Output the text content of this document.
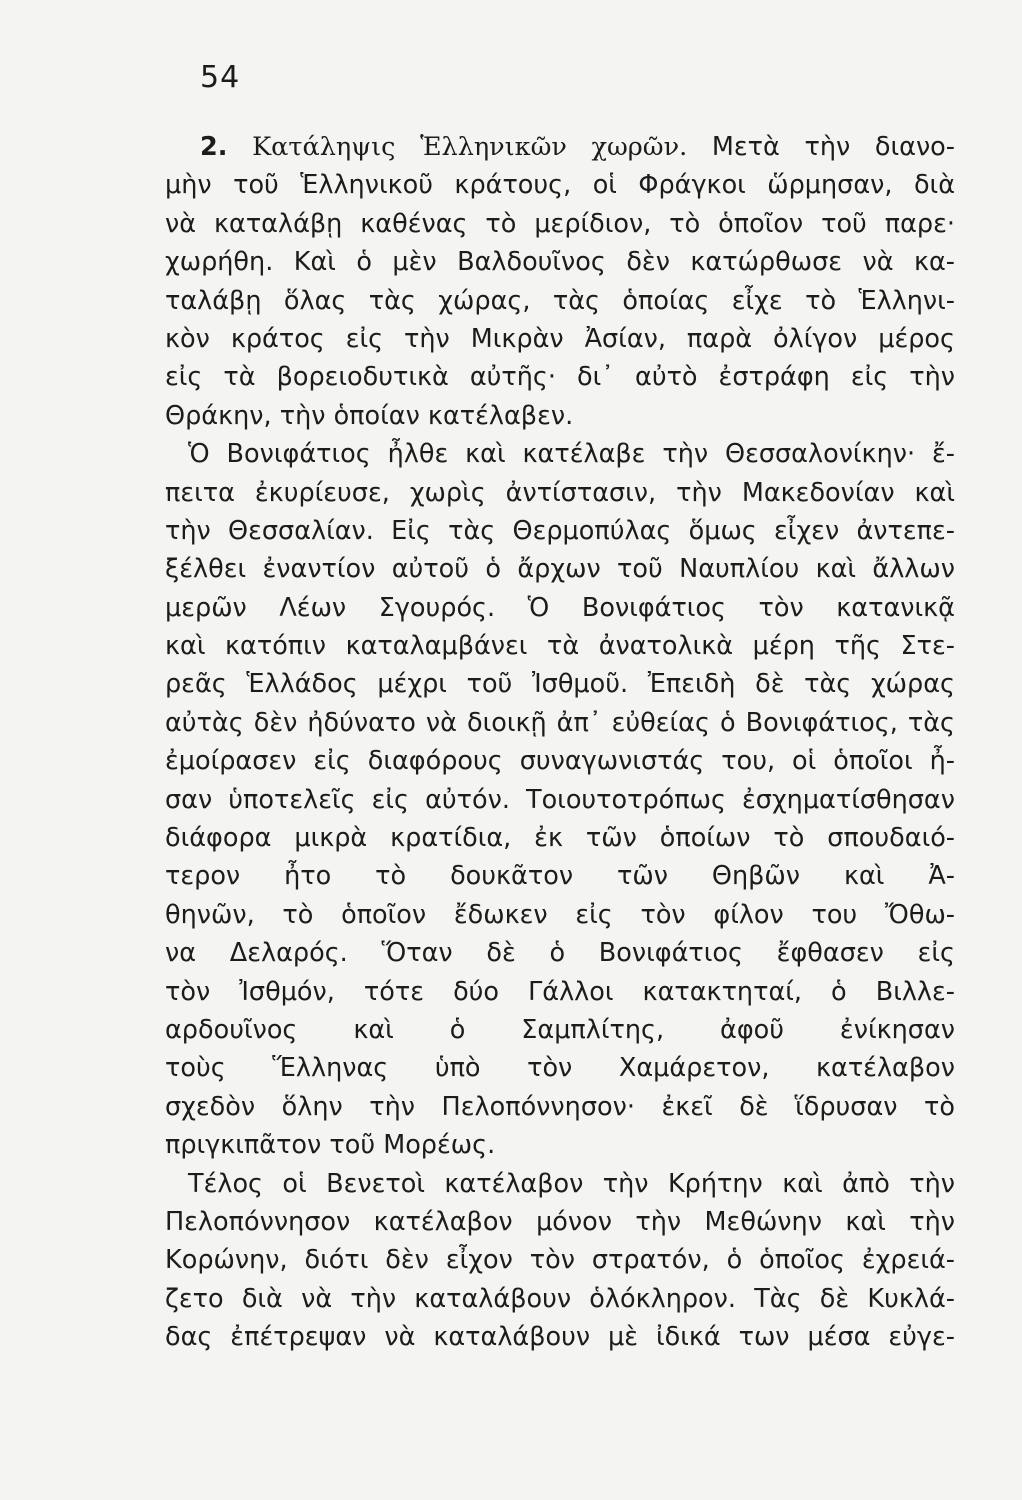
54
2. Κατάληψις Ἑλληνικῶν χωρῶν. Μετὰ τὴν διανο-
μὴν τοῦ Ἑλληνικοῦ κράτους, οἱ Φράγκοι ὥρμησαν, διὰ
νὰ καταλάβῃ καθένας τὸ μερίδιον, τὸ ὁποῖον τοῦ παρε·
χωρήθη. Καὶ ὁ μὲν Βαλδουῖνος δὲν κατώρθωσε νὰ κα-
ταλάβῃ ὅλας τὰς χώρας, τὰς ὁποίας εἶχε τὸ Ἑλληνι-
κὸν κράτος εἰς τὴν Μικρὰν Ἀσίαν, παρὰ ὀλίγον μέρος
εἰς τὰ βορειοδυτικὰ αὐτῆς· δι᾿ αὐτὸ ἐστράφη εἰς τὴν
Θράκην, τὴν ὁποίαν κατέλαβεν.
Ὁ Βονιφάτιος ἦλθε καὶ κατέλαβε τὴν Θεσσαλονίκην· ἔ-
πειτα ἐκυρίευσε, χωρὶς ἀντίστασιν, τὴν Μακεδονίαν καὶ
τὴν Θεσσαλίαν. Εἰς τὰς Θερμοπύλας ὅμως εἶχεν ἀντεπε-
ξέλθει ἐναντίον αὐτοῦ ὁ ἄρχων τοῦ Ναυπλίου καὶ ἄλλων
μερῶν Λέων Σγουρός. Ὁ Βονιφάτιος τὸν κατανικᾷ
καὶ κατόπιν καταλαμβάνει τὰ ἀνατολικὰ μέρη τῆς Στε-
ρεᾶς Ἑλλάδος μέχρι τοῦ Ἰσθμοῦ. Ἐπειδὴ δὲ τὰς χώρας
αὐτὰς δὲν ἠδύνατο νὰ διοικῇ ἀπ᾿ εὐθείας ὁ Βονιφάτιος, τὰς
ἐμοίρασεν εἰς διαφόρους συναγωνιστάς του, οἱ ὁποῖοι ἦ-
σαν ὑποτελεῖς εἰς αὐτόν. Τοιουτοτρόπως ἐσχηματίσθησαν
διάφορα μικρὰ κρατίδια, ἐκ τῶν ὁποίων τὸ σπουδαιό-
τερον ἦτο τὸ δουκᾶτον τῶν Θηβῶν καὶ Ἀ-
θηνῶν, τὸ ὁποῖον ἔδωκεν εἰς τὸν φίλον του Ὄθω-
να Δελαρός. Ὅταν δὲ ὁ Βονιφάτιος ἔφθασεν εἰς
τὸν Ἰσθμόν, τότε δύο Γάλλοι κατακτηταί, ὁ Βιλλε-
αρδουῖνος καὶ ὁ Σαμπλίτης, ἀφοῦ ἐνίκησαν
τοὺς Ἕλληνας ὑπὸ τὸν Χαμάρετον, κατέλαβον
σχεδὸν ὅλην τὴν Πελοπόννησον· ἐκεῖ δὲ ἵδρυσαν τὸ
πριγκιπᾶτον τοῦ Μορέως.
Τέλος οἱ Βενετοὶ κατέλαβον τὴν Κρήτην καὶ ἀπὸ τὴν
Πελοπόννησον κατέλαβον μόνον τὴν Μεθώνην καὶ τὴν
Κορώνην, διότι δὲν εἶχον τὸν στρατόν, ὁ ὁποῖος ἐχρειά-
ζετο διὰ νὰ τὴν καταλάβουν ὁλόκληρον. Τὰς δὲ Κυκλά-
δας ἐπέτρεψαν νὰ καταλάβουν μὲ ἰδικά των μέσα εὐγε-
